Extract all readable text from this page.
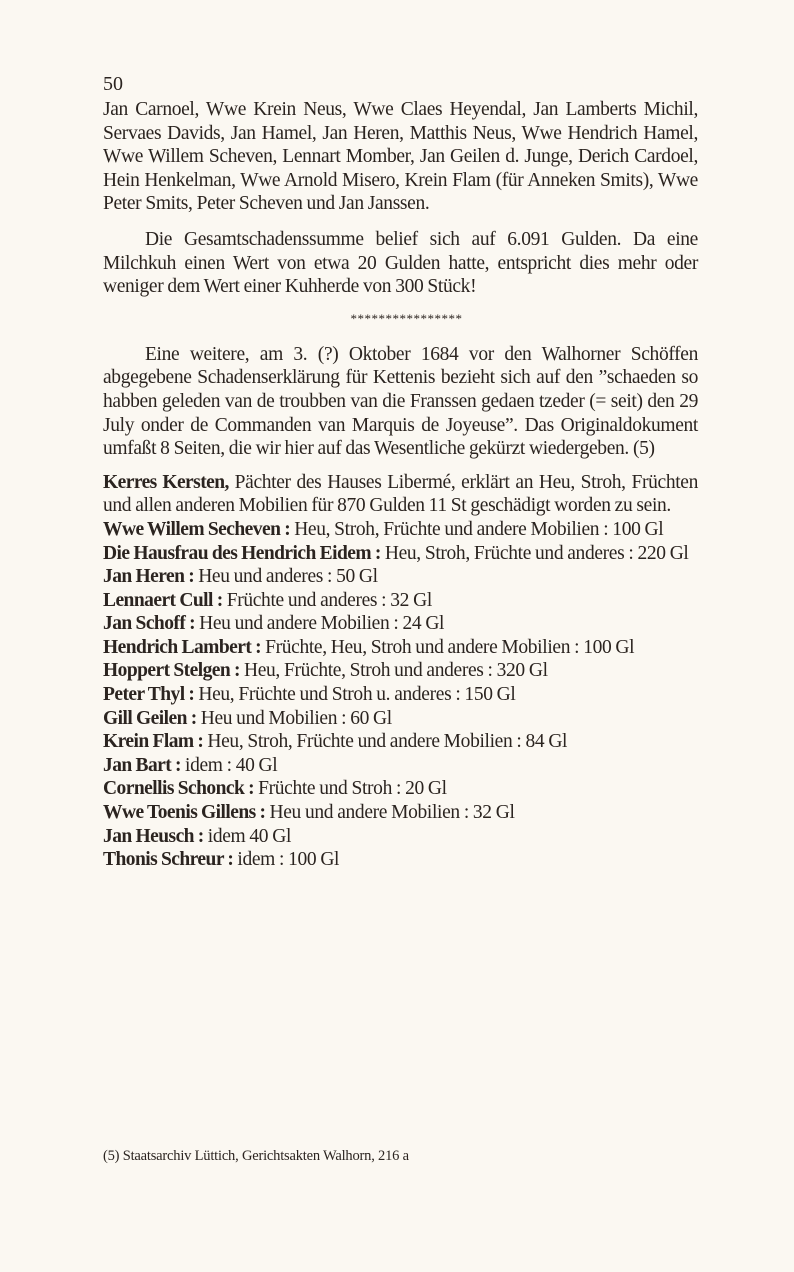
50

Jan Carnoel, Wwe Krein Neus, Wwe Claes Heyendal, Jan Lamberts Michil, Servaes Davids, Jan Hamel, Jan Heren, Matthis Neus, Wwe Hendrich Hamel, Wwe Willem Scheven, Lennart Momber, Jan Geilen d. Junge, Derich Cardoel, Hein Henkelman, Wwe Arnold Misero, Krein Flam (für Anneken Smits), Wwe Peter Smits, Peter Scheven und Jan Janssen.

Die Gesamtschadenssumme belief sich auf 6.091 Gulden. Da eine Milchkuh einen Wert von etwa 20 Gulden hatte, entspricht dies mehr oder weniger dem Wert einer Kuhherde von 300 Stück!

****************

Eine weitere, am 3. (?) Oktober 1684 vor den Walhorner Schöffen abgegebene Schadenserklärung für Kettenis bezieht sich auf den ”schaeden so habben geleden van de troubben van die Franssen gedaen tzeder (= seit) den 29 July onder de Commanden van Marquis de Joyeuse”. Das Originaldokument umfaßt 8 Seiten, die wir hier auf das Wesentliche gekürzt wiedergeben. (5)

Kerres Kersten, Pächter des Hauses Libermé, erklärt an Heu, Stroh, Früchten und allen anderen Mobilien für 870 Gulden 11 St geschädigt worden zu sein.
Wwe Willem Secheven : Heu, Stroh, Früchte und andere Mobilien : 100 Gl
Die Hausfrau des Hendrich Eidem : Heu, Stroh, Früchte und anderes : 220 Gl
Jan Heren : Heu und anderes : 50 Gl
Lennaert Cull : Früchte und anderes : 32 Gl
Jan Schoff : Heu und andere Mobilien : 24 Gl
Hendrich Lambert : Früchte, Heu, Stroh und andere Mobilien : 100 Gl
Hoppert Stelgen : Heu, Früchte, Stroh und anderes : 320 Gl
Peter Thyl : Heu, Früchte und Stroh u. anderes : 150 Gl
Gill Geilen : Heu und Mobilien : 60 Gl
Krein Flam : Heu, Stroh, Früchte und andere Mobilien : 84 Gl
Jan Bart : idem : 40 Gl
Cornellis Schonck : Früchte und Stroh : 20 Gl
Wwe Toenis Gillens : Heu und andere Mobilien : 32 Gl
Jan Heusch : idem 40 Gl
Thonis Schreur : idem : 100 Gl
(5) Staatsarchiv Lüttich, Gerichtsakten Walhorn, 216 a
